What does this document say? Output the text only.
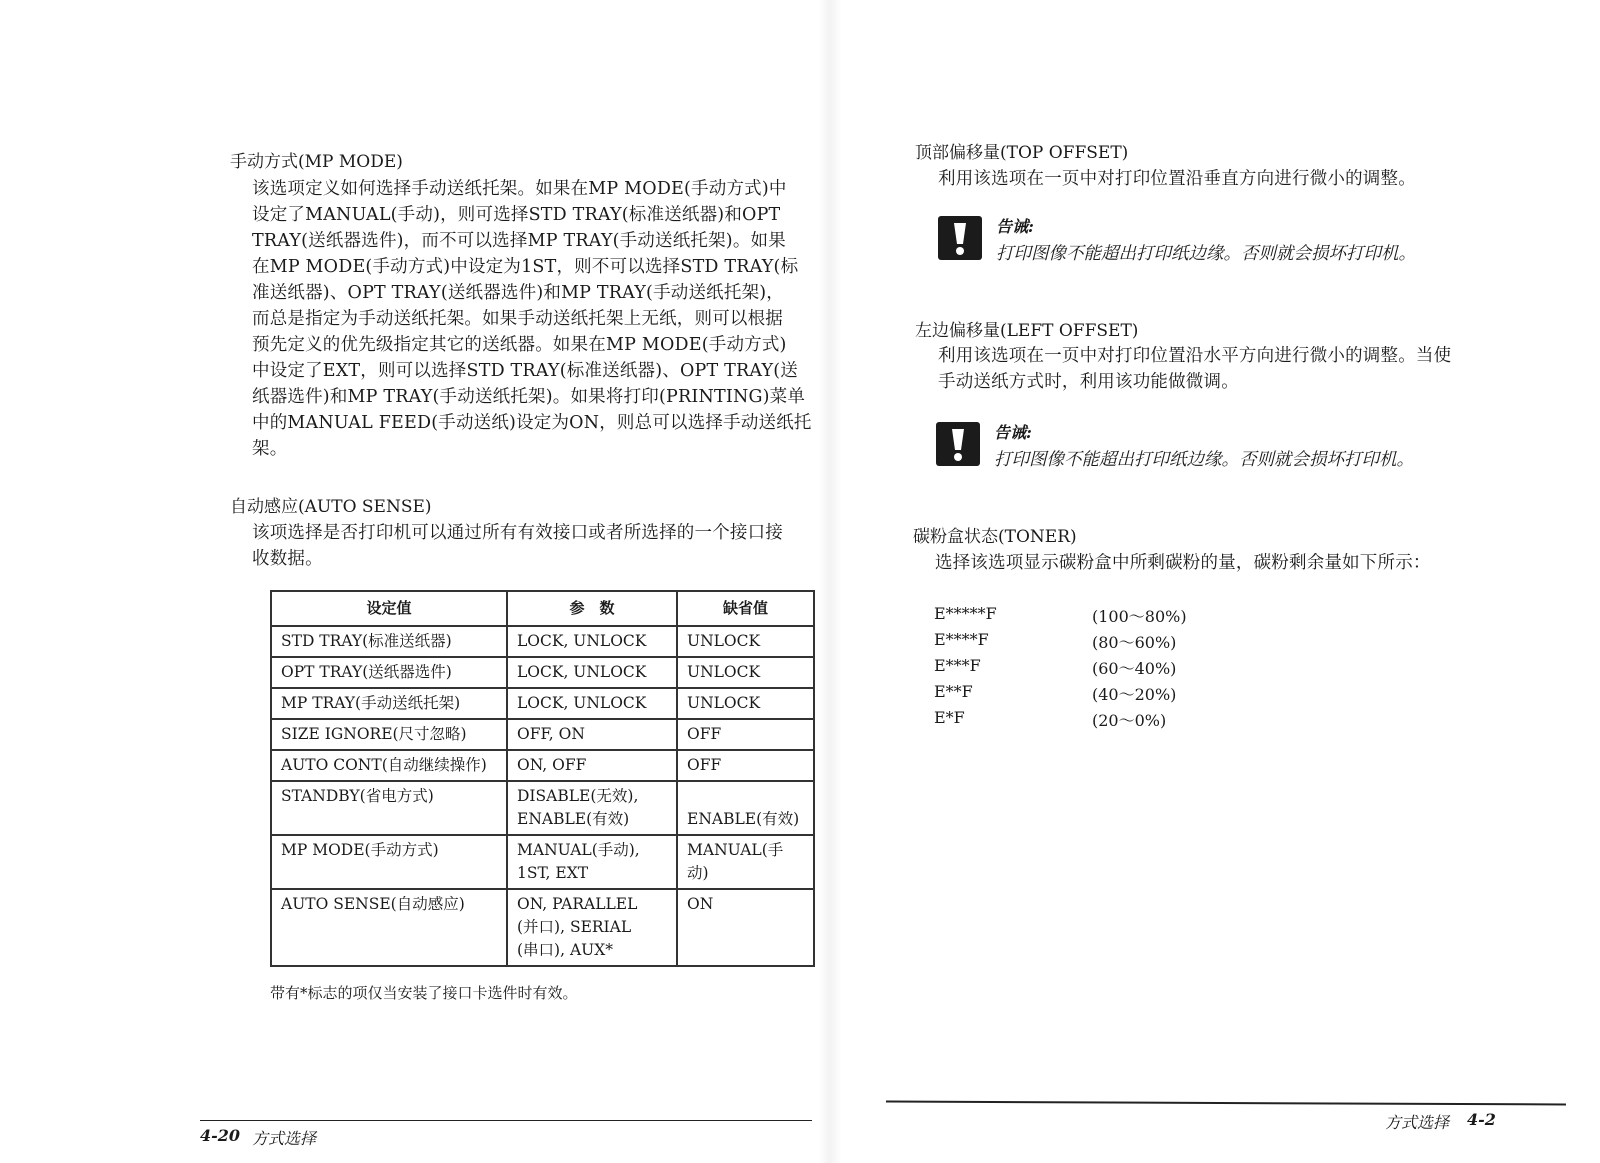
手动方式(MP MODE)
该选项定义如何选择手动送纸托架。如果在MP MODE(手动方式)中
设定了MANUAL(手动)，则可选择STD TRAY(标准送纸器)和OPT
TRAY(送纸器选件)，而不可以选择MP TRAY(手动送纸托架)。如果
在MP MODE(手动方式)中设定为1ST，则不可以选择STD TRAY(标
准送纸器)、OPT TRAY(送纸器选件)和MP TRAY(手动送纸托架)，
而总是指定为手动送纸托架。如果手动送纸托架上无纸，则可以根据
预先定义的优先级指定其它的送纸器。如果在MP MODE(手动方式)
中设定了EXT，则可以选择STD TRAY(标准送纸器)、OPT TRAY(送
纸器选件)和MP TRAY(手动送纸托架)。如果将打印(PRINTING)菜单
中的MANUAL FEED(手动送纸)设定为ON，则总可以选择手动送纸托
架。
自动感应(AUTO SENSE)
该项选择是否打印机可以通过所有有效接口或者所选择的一个接口接
收数据。
设定值	参　数	缺省值
STD TRAY(标准送纸器)	LOCK, UNLOCK	UNLOCK
OPT TRAY(送纸器选件)	LOCK, UNLOCK	UNLOCK
MP TRAY(手动送纸托架)	LOCK, UNLOCK	UNLOCK
SIZE IGNORE(尺寸忽略)	OFF, ON	OFF
AUTO CONT(自动继续操作)	ON, OFF	OFF
STANDBY(省电方式)	DISABLE(无效),
ENABLE(有效)	ENABLE(有效)
MP MODE(手动方式)	MANUAL(手动),
1ST, EXT	MANUAL(手动)
AUTO SENSE(自动感应)	ON, PARALLEL
(并口), SERIAL
(串口), AUX*	ON
带有*标志的项仅当安装了接口卡选件时有效。
4-20 方式选择
顶部偏移量(TOP OFFSET)
利用该选项在一页中对打印位置沿垂直方向进行微小的调整。
告诫:
打印图像不能超出打印纸边缘。否则就会损坏打印机。
左边偏移量(LEFT OFFSET)
利用该选项在一页中对打印位置沿水平方向进行微小的调整。当使
手动送纸方式时，利用该功能做微调。
告诫:
打印图像不能超出打印纸边缘。否则就会损坏打印机。
碳粉盒状态(TONER)
选择该选项显示碳粉盒中所剩碳粉的量，碳粉剩余量如下所示：
E*****F	(100～80%)
E****F	(80～60%)
E***F	(60～40%)
E**F	(40～20%)
E*F	(20～0%)
方式选择 4-2
